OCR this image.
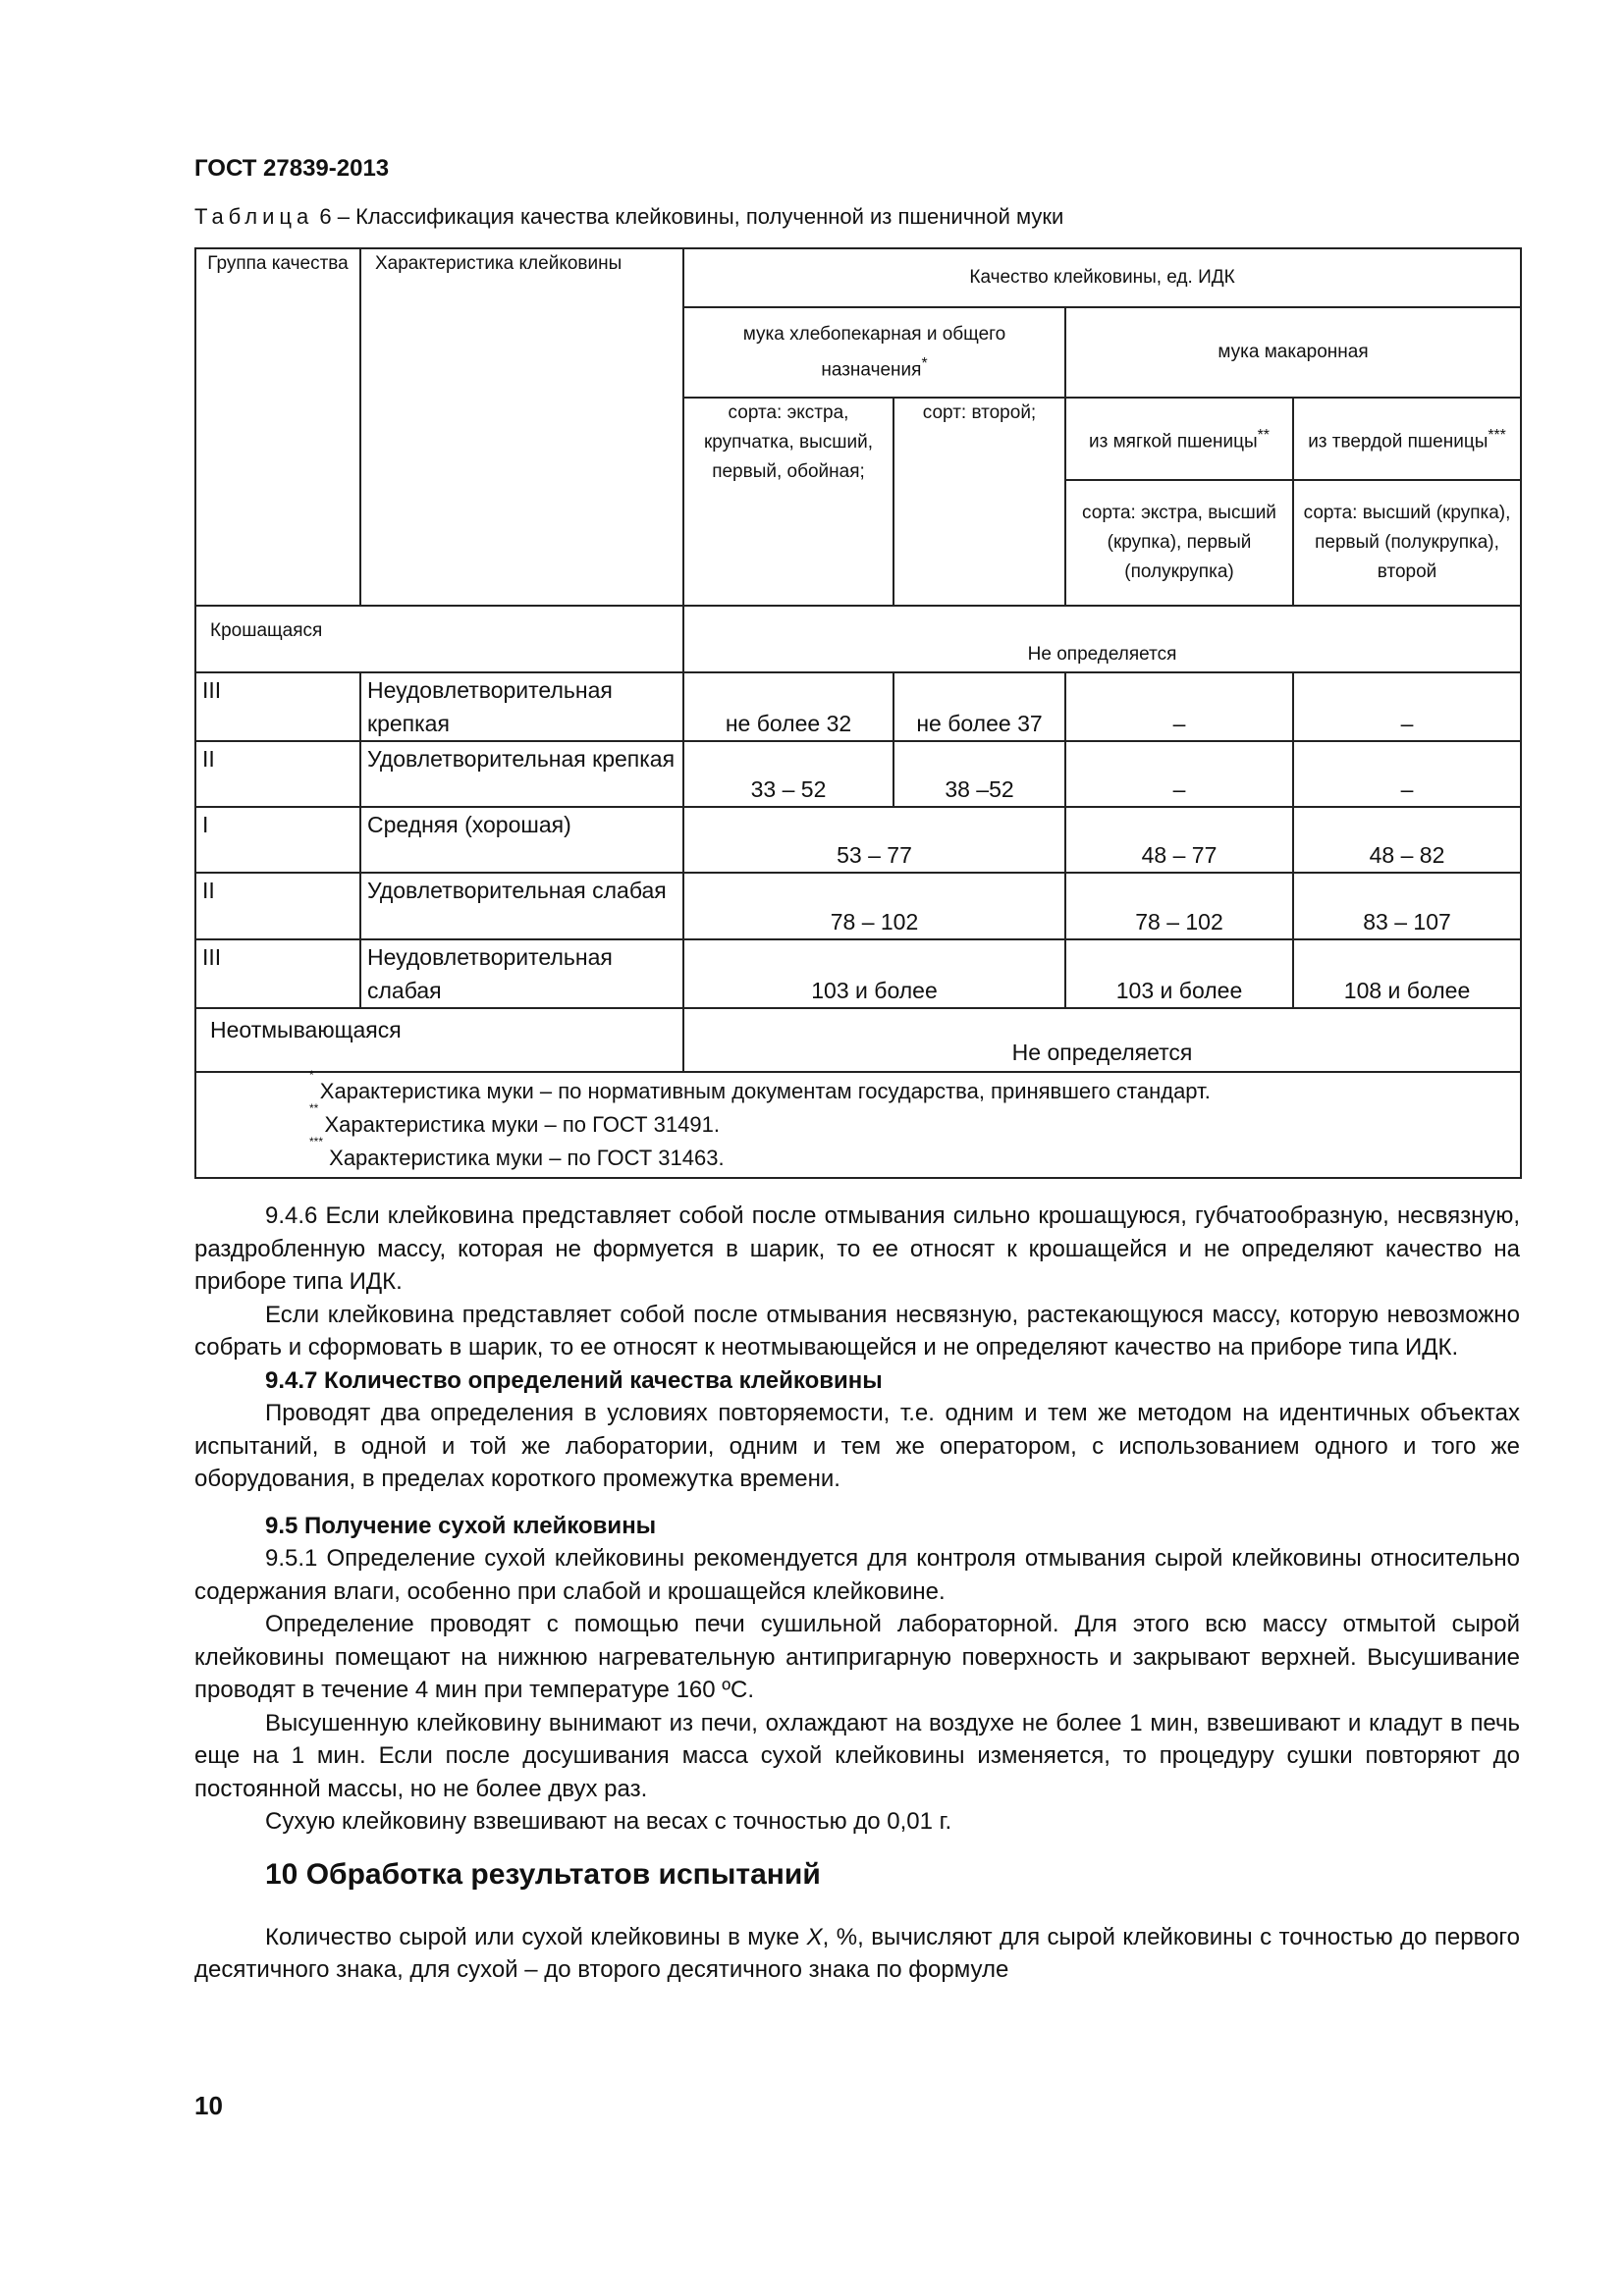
ГОСТ 27839-2013
Таблица 6 – Классификация качества клейковины, полученной из пшеничной муки
Группа качества	Характеристика клейковины	Качество клейковины, ед. ИДК			
		мука хлебопекарная и общего назначения*		мука макаронная	
		сорта: экстра, крупчатка, высший, первый, обойная;	сорт: второй;	из мягкой пшеницы**	из твердой пшеницы***
				сорта: экстра, высший (крупка), первый (полукрупка)	сорта: высший (крупка), первый (полукрупка), второй
Крошащаяся		Не определяется			
III	Неудовлетворительная крепкая	не более 32	не более 37	–	–
II	Удовлетворительная крепкая	33 – 52	38 –52	–	–
I	Средняя (хорошая)	53 – 77		48 – 77	48 – 82
II	Удовлетворительная слабая	78 – 102		78 – 102	83 – 107
III	Неудовлетворительная слабая	103 и более		103 и более	108 и более
Неотмывающаяся		Не определяется			

* Характеристика муки – по нормативным документам государства, принявшего стандарт.
** Характеристика муки – по ГОСТ 31491.
*** Характеристика муки – по ГОСТ 31463.					

9.4.6 Если клейковина представляет собой после отмывания сильно крошащуюся, губчатообразную, несвязную, раздробленную массу, которая не формуется в шарик, то ее относят к крошащейся и не определяют качество на приборе типа ИДК.

Если клейковина представляет собой после отмывания несвязную, растекающуюся массу, которую невозможно собрать и сформовать в шарик, то ее относят к неотмывающейся и не определяют качество на приборе типа ИДК.

9.4.7 Количество определений качества клейковины

Проводят два определения в условиях повторяемости, т.е. одним и тем же методом на идентичных объектах испытаний, в одной и той же лаборатории, одним и тем же оператором, с использованием одного и того же оборудования, в пределах короткого промежутка времени.

9.5 Получение сухой клейковины

9.5.1 Определение сухой клейковины рекомендуется для контроля отмывания сырой клейковины относительно содержания влаги, особенно при слабой и крошащейся клейковине.

Определение проводят с помощью печи сушильной лабораторной. Для этого всю массу отмытой сырой клейковины помещают на нижнюю нагревательную антипригарную поверхность и закрывают верхней. Высушивание проводят в течение 4 мин при температуре 160 ºС.

Высушенную клейковину вынимают из печи, охлаждают на воздухе не более 1 мин, взвешивают и кладут в печь еще на 1 мин. Если после досушивания масса сухой клейковины изменяется, то процедуру сушки повторяют до постоянной массы, но не более двух раз.

Сухую клейковину взвешивают на весах с точностью до 0,01 г.

10 Обработка результатов испытаний

Количество сырой или сухой клейковины в муке X, %, вычисляют для сырой клейковины с точностью до первого десятичного знака, для сухой – до второго десятичного знака по формуле

10
